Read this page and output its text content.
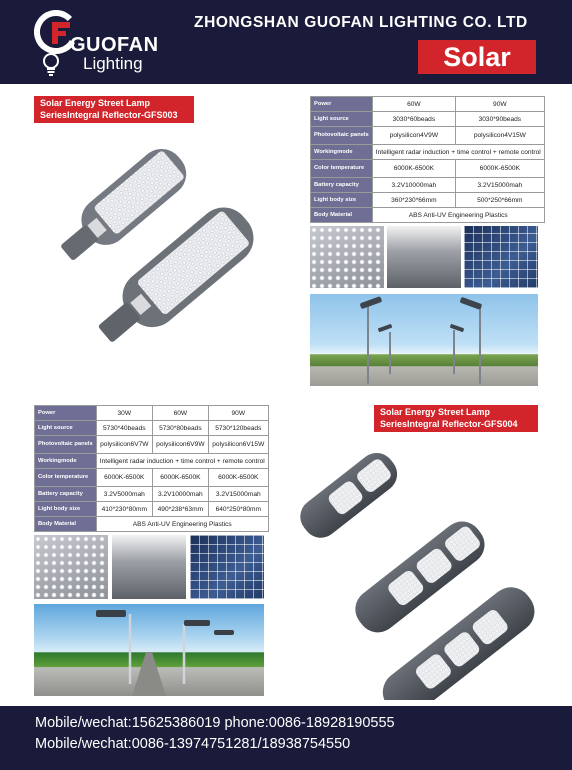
GUOFAN
Lighting
ZHONGSHAN GUOFAN LIGHTING CO. LTD
Solar
Solar Energy Street Lamp
SeriesIntegral Reflector-GFS003
Power	60W	90W
Light source	3030*60beads	3030*90beads
Photovoltaic panels	polysilicon4V9W	polysilicon4V15W
Workingmode	Intelligent radar induction + time control + remote control	
Color temperature	6000K-6500K	6000K-6500K
Battery capacity	3.2V10000mah	3.2V15000mah
Light body size	360*230*66mm	500*250*66mm
Body Material	ABS Anti-UV Engineering Plastics	
Power	30W	60W	90W
Light source	5730*40beads	5730*80beads	5730*120beads
Photovoltaic panels	polysilicon6V7W	polysilicon6V9W	polysilicon6V15W
Workingmode	Intelligent radar induction + time control + remote control		
Color temperature	6000K-6500K	6000K-6500K	6000K-6500K
Battery capacity	3.2V5000mah	3.2V10000mah	3.2V15000mah
Light body size	410*230*80mm	490*238*63mm	640*250*80mm
Body Material	ABS Anti-UV Engineering Plastics		
Solar Energy Street Lamp
SeriesIntegral Reflector-GFS004
Mobile/wechat:15625386019 phone:0086-18928190555
Mobile/wechat:0086-13974751281/18938754550
